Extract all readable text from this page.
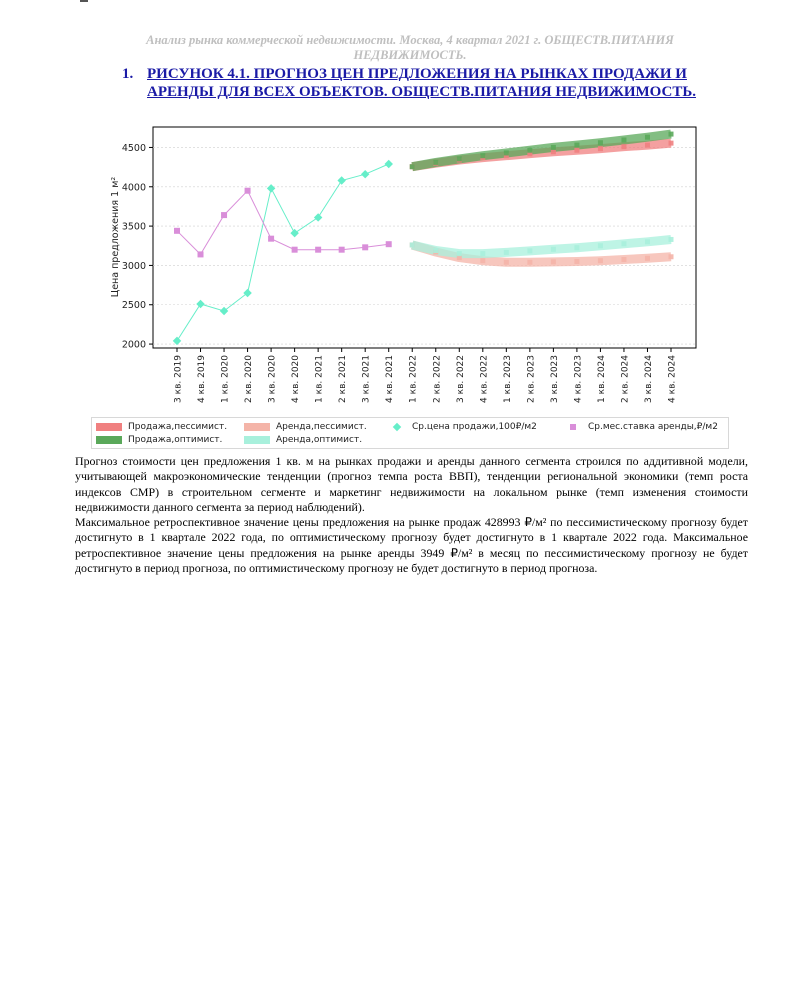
Анализ рынка коммерческой недвижимости. Москва, 4 квартал 2021 г. ОБЩЕСТВ.ПИТАНИЯ НЕДВИЖИМОСТЬ.
1. РИСУНОК 4.1. ПРОГНОЗ ЦЕН ПРЕДЛОЖЕНИЯ НА РЫНКАХ ПРОДАЖИ И АРЕНДЫ ДЛЯ ВСЕХ ОБЪЕКТОВ. ОБЩЕСТВ.ПИТАНИЯ НЕДВИЖИМОСТЬ.
2000
2500
3000
3500
4000
4500
3 кв. 2019 4 кв. 2019 1 кв. 2020 2 кв. 2020 3 кв. 2020 4 кв. 2020 1 кв. 2021 2 кв. 2021 3 кв. 2021 4 кв. 2021 1 кв. 2022 2 кв. 2022 3 кв. 2022 4 кв. 2022 1 кв. 2023 2 кв. 2023 3 кв. 2023 4 кв. 2023 1 кв. 2024 2 кв. 2024 3 кв. 2024 4 кв. 2024
Цена предложения 1 м²
Продажа,пессимист.
Продажа,оптимист.
Аренда,пессимист.
Аренда,оптимист.
Ср.цена продажи,100₽/м2	Ср.мес.ставка аренды,₽/м2

Прогноз стоимости цен предложения 1 кв. м на рынках продажи и аренды данного сегмента строился по аддитивной модели, учитывающей макроэкономические тенденции (прогноз темпа роста ВВП), тенденции региональной экономики (темп роста индексов СМР) в строительном сегменте и маркетинг недвижимости на локальном рынке (темп изменения стоимости недвижимости данного сегмента за период наблюдений).

Максимальное ретроспективное значение цены предложения на рынке продаж 428993 ₽/м² по пессимистическому прогнозу будет достигнуто в 1 квартале 2022 года, по оптимистическому прогнозу будет достигнуто в 1 квартале 2022 года. Максимальное ретроспективное значение цены предложения на рынке аренды 3949 ₽/м² в месяц по пессимистическому прогнозу не будет достигнуто в период прогноза, по оптимистическому прогнозу не будет достигнуто в период прогноза.
